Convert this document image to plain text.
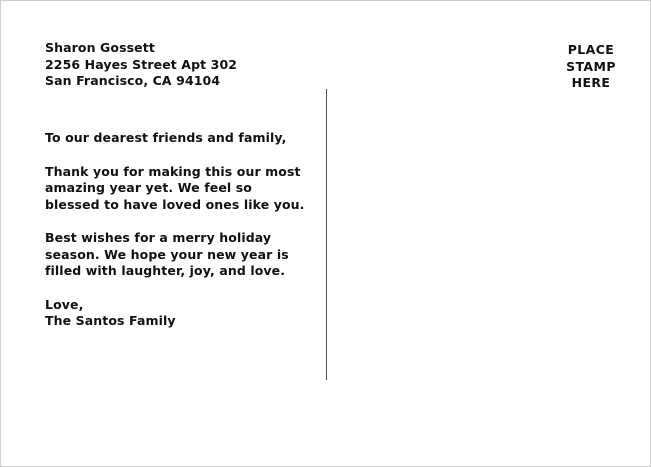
Sharon Gossett
2256 Hayes Street Apt 302
San Francisco, CA 94104
To our dearest friends and family,
Thank you for making this our most
amazing year yet. We feel so
blessed to have loved ones like you.
Best wishes for a merry holiday
season. We hope your new year is
filled with laughter, joy, and love.
Love,
The Santos Family
PLACE
STAMP
HERE
